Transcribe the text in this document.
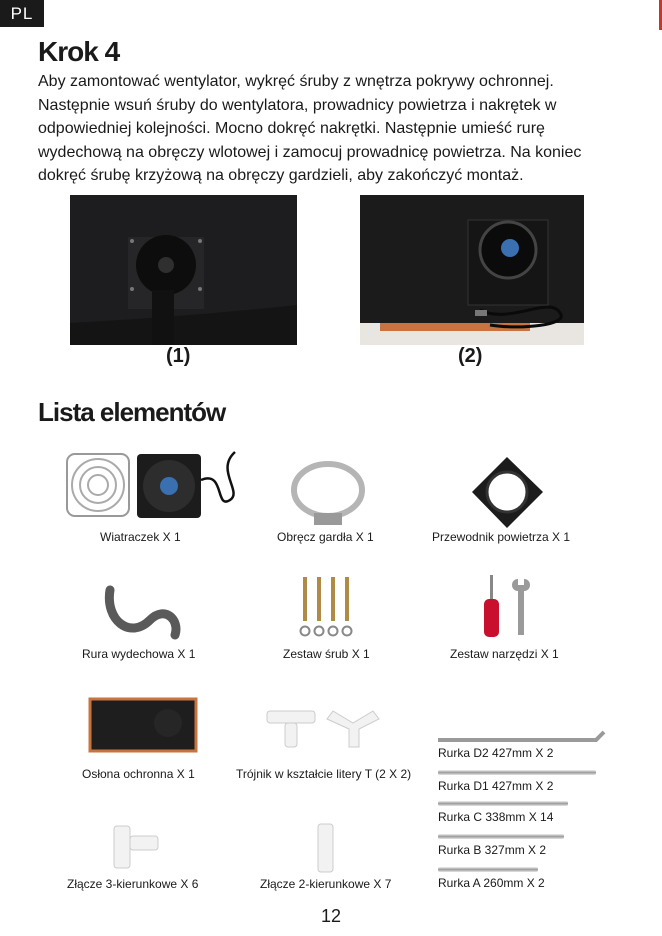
PL
Krok 4

Aby zamontować wentylator, wykręć śruby z wnętrza pokrywy ochronnej. Następnie wsuń śruby do wentylatora, prowadnicy powietrza i nakrętek w odpowiedniej kolejności. Mocno dokręć nakrętki. Następnie umieść rurę wydechową na obręczy wlotowej i zamocuj prowadnicę powietrza. Na koniec dokręć śrubę krzyżową na obręczy gardzieli, aby zakończyć montaż.

(1)	(2)
Lista elementów
Wiatraczek X 1	Obręcz gardła X 1	Przewodnik powietrza X 1
Rura wydechowa X 1	Zestaw śrub X 1	Zestaw narzędzi X 1
Osłona ochronna X 1	Trójnik w kształcie litery T (2 X 2)
Złącze 3-kierunkowe X 6	Złącze 2-kierunkowe X 7
Rurka D2 427mm X 2
Rurka D1 427mm X 2
Rurka C 338mm X 14
Rurka B 327mm X 2
Rurka A 260mm X 2
12
